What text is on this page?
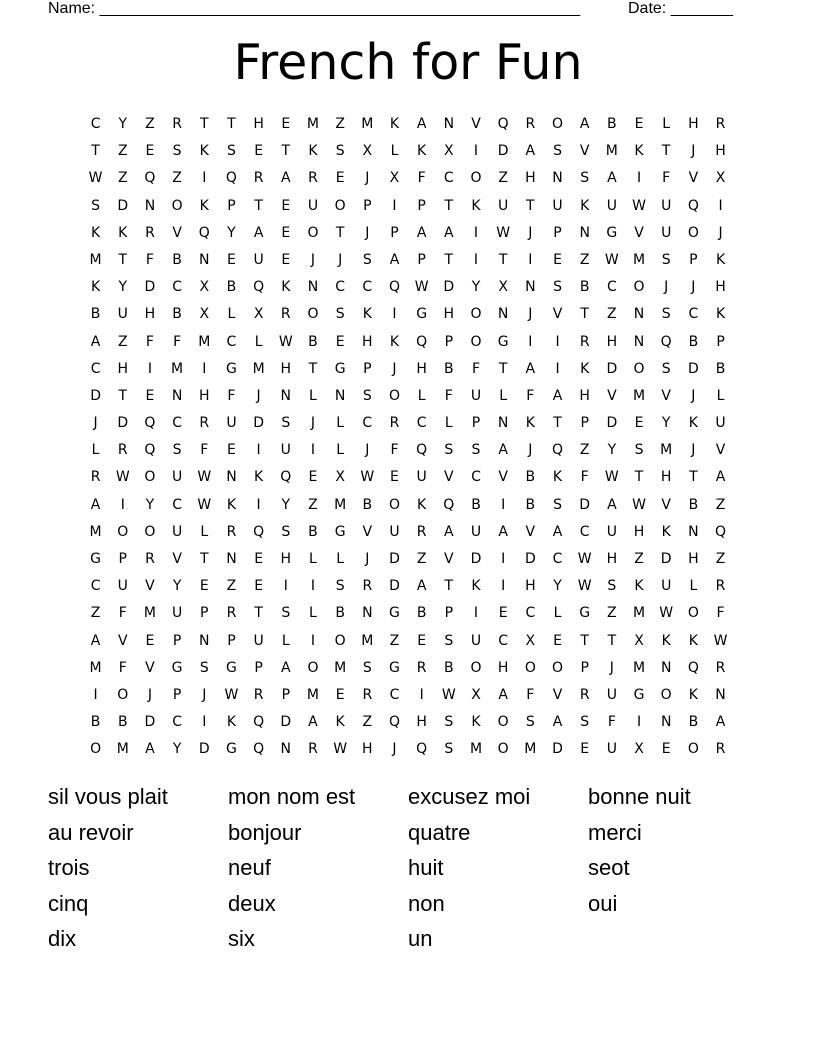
Name: ______________________________________________________	Date: _______
French for Fun
C	Y	Z	R	T	T	H	E	M	Z	M	K	A	N	V	Q	R	O	A	B	E	L	H	R
T	Z	E	S	K	S	E	T	K	S	X	L	K	X	I	D	A	S	V	M	K	T	J	H
W	Z	Q	Z	I	Q	R	A	R	E	J	X	F	C	O	Z	H	N	S	A	I	F	V	X
S	D	N	O	K	P	T	E	U	O	P	I	P	T	K	U	T	U	K	U	W	U	Q	I
K	K	R	V	Q	Y	A	E	O	T	J	P	A	A	I	W	J	P	N	G	V	U	O	J
M	T	F	B	N	E	U	E	J	J	S	A	P	T	I	T	I	E	Z	W	M	S	P	K
K	Y	D	C	X	B	Q	K	N	C	C	Q	W	D	Y	X	N	S	B	C	O	J	J	H
B	U	H	B	X	L	X	R	O	S	K	I	G	H	O	N	J	V	T	Z	N	S	C	K
A	Z	F	F	M	C	L	W	B	E	H	K	Q	P	O	G	I	I	R	H	N	Q	B	P
C	H	I	M	I	G	M	H	T	G	P	J	H	B	F	T	A	I	K	D	O	S	D	B
D	T	E	N	H	F	J	N	L	N	S	O	L	F	U	L	F	A	H	V	M	V	J	L
J	D	Q	C	R	U	D	S	J	L	C	R	C	L	P	N	K	T	P	D	E	Y	K	U
L	R	Q	S	F	E	I	U	I	L	J	F	Q	S	S	A	J	Q	Z	Y	S	M	J	V
R	W	O	U	W	N	K	Q	E	X	W	E	U	V	C	V	B	K	F	W	T	H	T	A
A	I	Y	C	W	K	I	Y	Z	M	B	O	K	Q	B	I	B	S	D	A	W	V	B	Z
M	O	O	U	L	R	Q	S	B	G	V	U	R	A	U	A	V	A	C	U	H	K	N	Q
G	P	R	V	T	N	E	H	L	L	J	D	Z	V	D	I	D	C	W	H	Z	D	H	Z
C	U	V	Y	E	Z	E	I	I	S	R	D	A	T	K	I	H	Y	W	S	K	U	L	R
Z	F	M	U	P	R	T	S	L	B	N	G	B	P	I	E	C	L	G	Z	M	W	O	F
A	V	E	P	N	P	U	L	I	O	M	Z	E	S	U	C	X	E	T	T	X	K	K	W
M	F	V	G	S	G	P	A	O	M	S	G	R	B	O	H	O	O	P	J	M	N	Q	R
I	O	J	P	J	W	R	P	M	E	R	C	I	W	X	A	F	V	R	U	G	O	K	N
B	B	D	C	I	K	Q	D	A	K	Z	Q	H	S	K	O	S	A	S	F	I	N	B	A
O	M	A	Y	D	G	Q	N	R	W	H	J	Q	S	M	O	M	D	E	U	X	E	O	R
sil vous plait	mon nom est	excusez moi	bonne nuit
au revoir	bonjour	quatre	merci
trois	neuf	huit	seot
cinq	deux	non	oui
dix	six	un
